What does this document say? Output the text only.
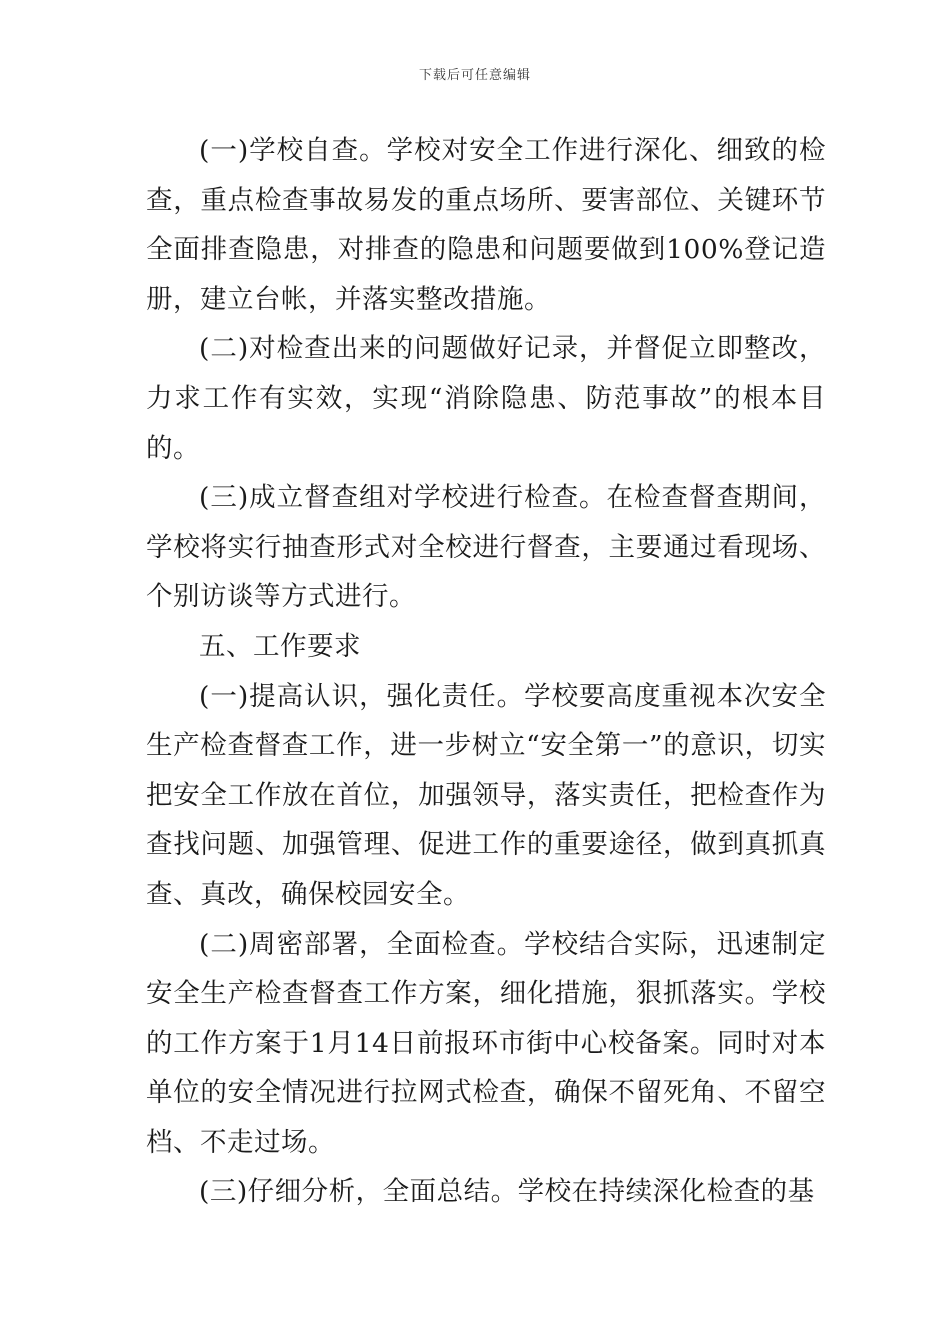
下载后可任意编辑

(一)学校自查。学校对安全工作进行深化、细致的检查，重点检查事故易发的重点场所、要害部位、关键环节全面排查隐患，对排查的隐患和问题要做到100%登记造册，建立台帐，并落实整改措施。

(二)对检查出来的问题做好记录，并督促立即整改，力求工作有实效，实现“消除隐患、防范事故”的根本目的。

(三)成立督查组对学校进行检查。在检查督查期间，学校将实行抽查形式对全校进行督查，主要通过看现场、个别访谈等方式进行。

五、工作要求

(一)提高认识，强化责任。学校要高度重视本次安全生产检查督查工作，进一步树立“安全第一”的意识，切实把安全工作放在首位，加强领导，落实责任，把检查作为查找问题、加强管理、促进工作的重要途径，做到真抓真查、真改，确保校园安全。

(二)周密部署，全面检查。学校结合实际，迅速制定安全生产检查督查工作方案，细化措施，狠抓落实。学校的工作方案于1月14日前报环市街中心校备案。同时对本单位的安全情况进行拉网式检查，确保不留死角、不留空档、不走过场。

(三)仔细分析，全面总结。学校在持续深化检查的基
